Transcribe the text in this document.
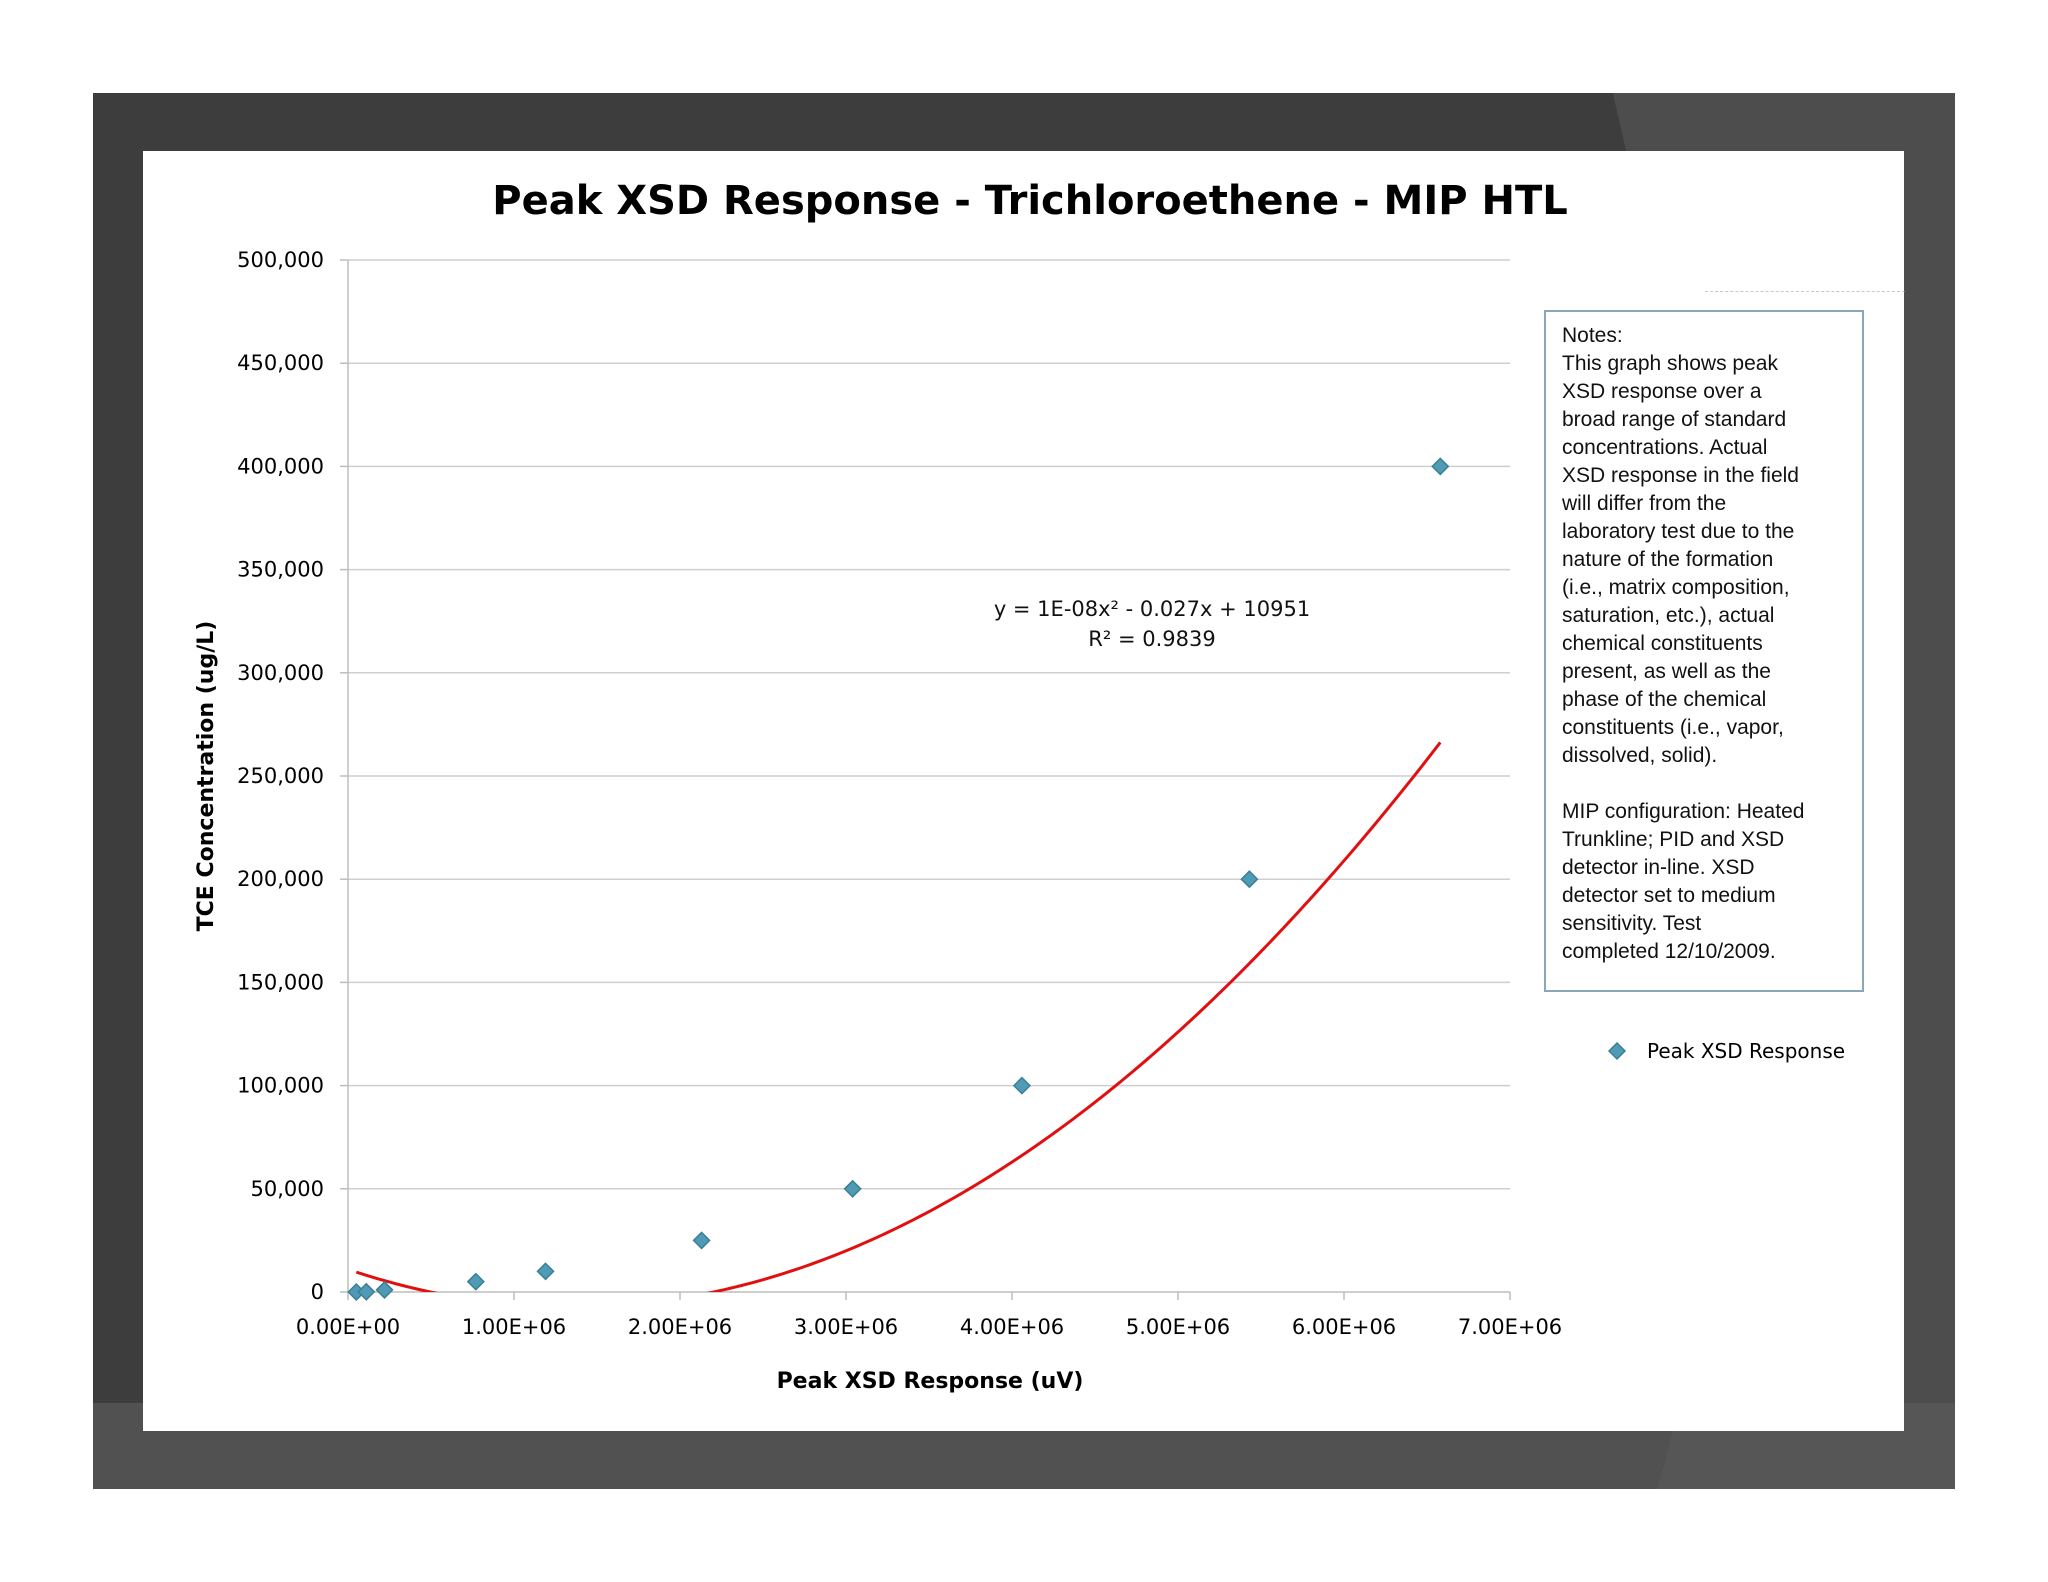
Peak XSD Response - Trichloroethene - MIP HTL
0
50,000
100,000
150,000
200,000
250,000
300,000
350,000
400,000
450,000
500,000
0.00E+00	1.00E+06	2.00E+06	3.00E+06	4.00E+06	5.00E+06	6.00E+06	7.00E+06
y = 1E-08x² - 0.027x + 10951
R² = 0.9839
Peak XSD Response (uV)
TCE Concentration (ug/L)
Peak XSD Response

Notes:

This graph shows peak
XSD response over a
broad range of standard
concentrations. Actual
XSD response in the field
will differ from the
laboratory test due to the
nature of the formation
(i.e., matrix composition,
saturation, etc.), actual
chemical constituents
present, as well as the
phase of the chemical
constituents (i.e., vapor,
dissolved, solid).

MIP configuration: Heated
Trunkline; PID and XSD
detector in-line. XSD
detector set to medium
sensitivity. Test
completed 12/10/2009.
